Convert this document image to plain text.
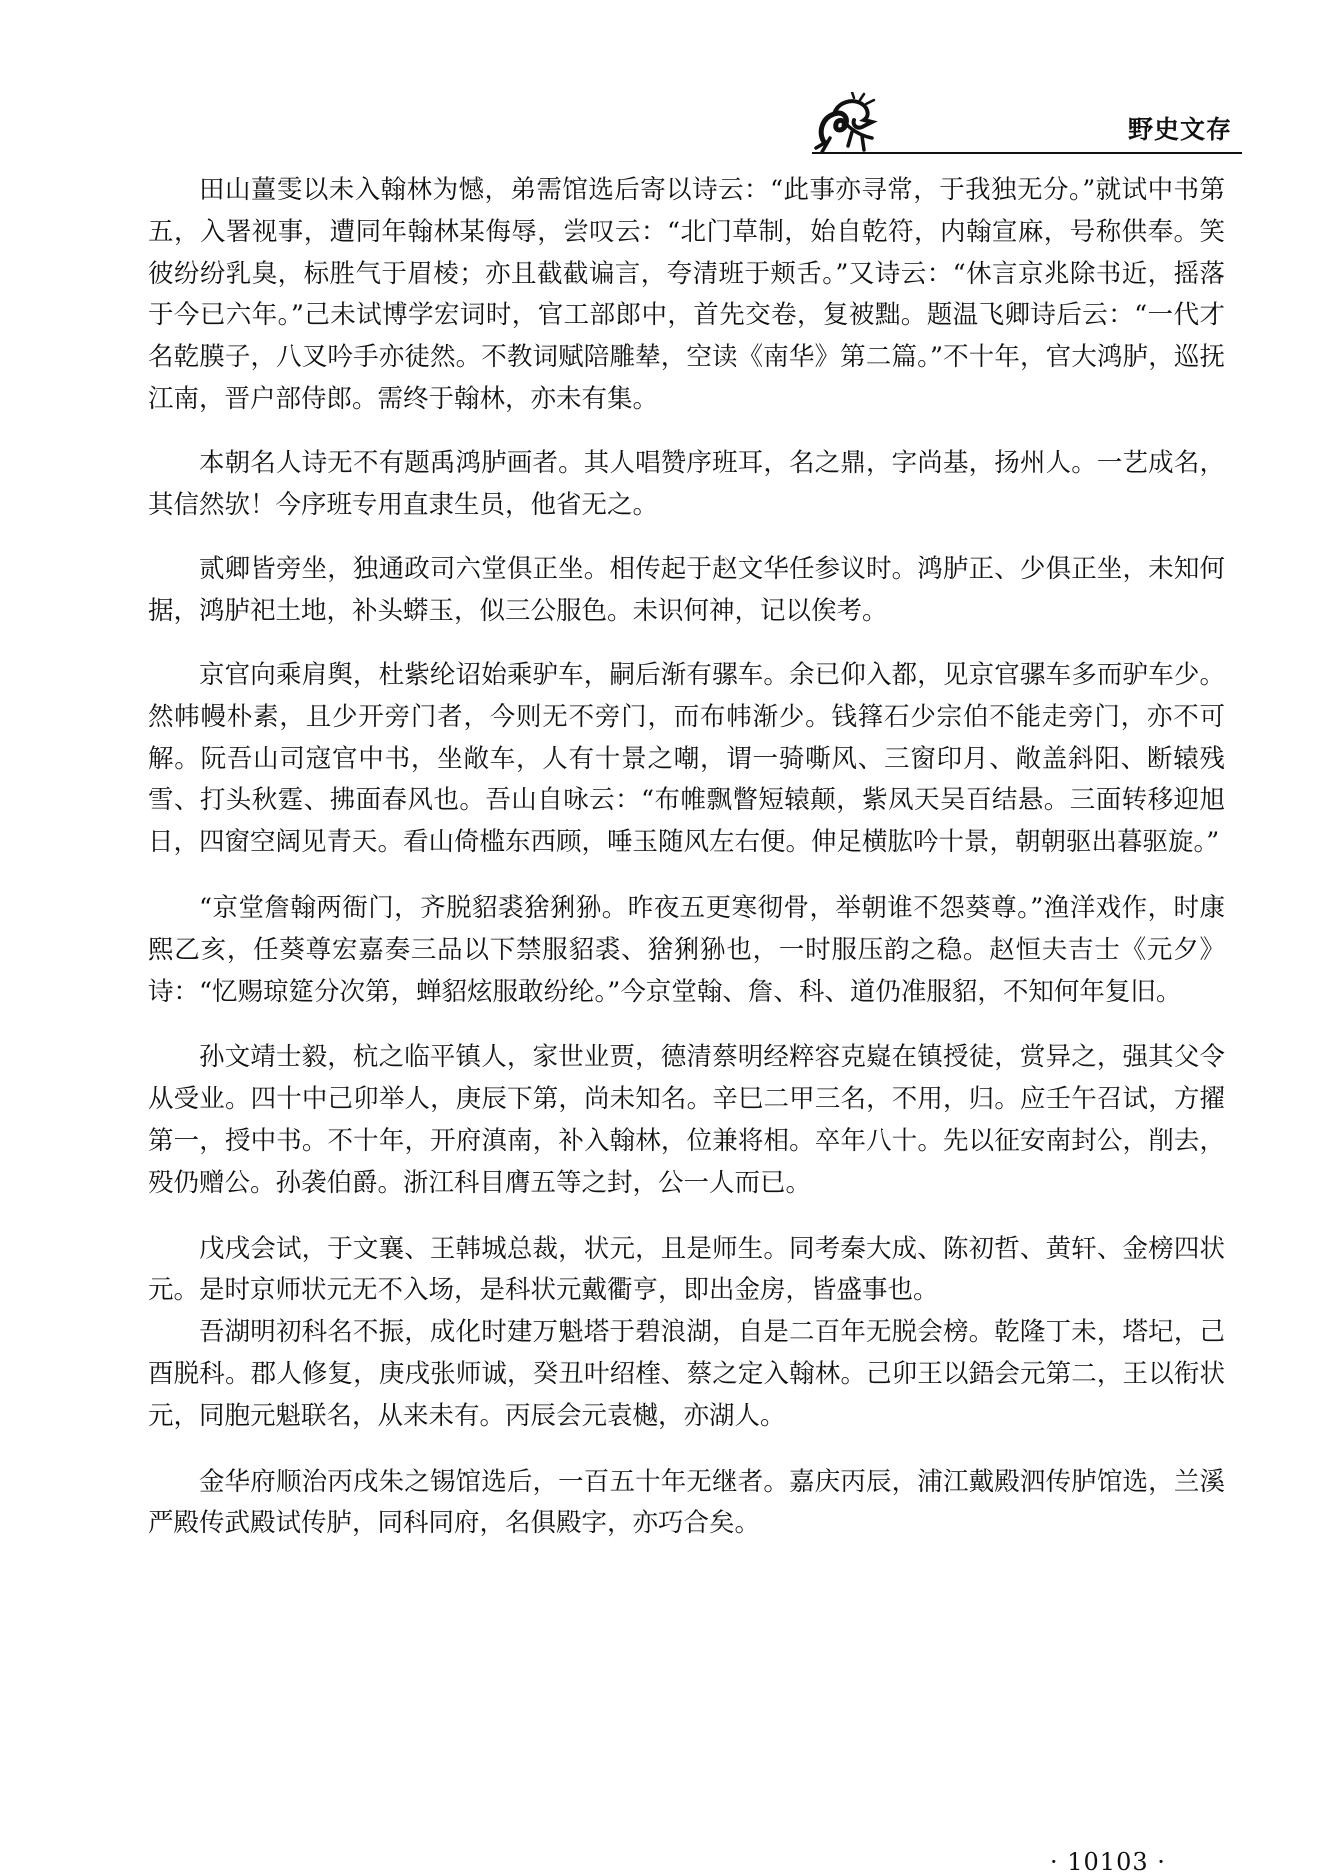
野史文存

田山薑雯以未入翰林为憾，弟需馆选后寄以诗云：“此事亦寻常，于我独无分。”就试中书第五，入署视事，遭同年翰林某侮辱，尝叹云：“北门草制，始自乾符，内翰宣麻，号称供奉。笑彼纷纷乳臭，标胜气于眉棱；亦且截截谝言，夸清班于颊舌。”又诗云：“休言京兆除书近，摇落于今已六年。”己未试博学宏词时，官工部郎中，首先交卷，复被黜。题温飞卿诗后云：“一代才名乾膜子，八叉吟手亦徒然。不教词赋陪雕辇，空读《南华》第二篇。”不十年，官大鸿胪，巡抚江南，晋户部侍郎。需终于翰林，亦未有集。

本朝名人诗无不有题禹鸿胪画者。其人唱赞序班耳，名之鼎，字尚基，扬州人。一艺成名，其信然欤！今序班专用直隶生员，他省无之。

贰卿皆旁坐，独通政司六堂俱正坐。相传起于赵文华任参议时。鸿胪正、少俱正坐，未知何据，鸿胪祀土地，补头蟒玉，似三公服色。未识何神，记以俟考。

京官向乘肩舆，杜紫纶诏始乘驴车，嗣后渐有骡车。余已仰入都，见京官骡车多而驴车少。然帏幔朴素，且少开旁门者，今则无不旁门，而布帏渐少。钱箨石少宗伯不能走旁门，亦不可解。阮吾山司寇官中书，坐敞车，人有十景之嘲，谓一骑嘶风、三窗印月、敞盖斜阳、断辕残雪、打头秋霆、拂面春风也。吾山自咏云：“布帷飘瞥短辕颠，紫凤天吴百结悬。三面转移迎旭日，四窗空阔见青天。看山倚槛东西顾，唾玉随风左右便。伸足横肱吟十景，朝朝驱出暮驱旋。”

“京堂詹翰两衙门，齐脱貂裘猞猁狲。昨夜五更寒彻骨，举朝谁不怨葵尊。”渔洋戏作，时康熙乙亥，任葵尊宏嘉奏三品以下禁服貂裘、猞猁狲也，一时服压韵之稳。赵恒夫吉士《元夕》诗：“忆赐琼筵分次第，蝉貂炫服敢纷纶。”今京堂翰、詹、科、道仍准服貂，不知何年复旧。

孙文靖士毅，杭之临平镇人，家世业贾，德清蔡明经粹容克嶷在镇授徒，赏异之，强其父令从受业。四十中己卯举人，庚辰下第，尚未知名。辛巳二甲三名，不用，归。应壬午召试，方擢第一，授中书。不十年，开府滇南，补入翰林，位兼将相。卒年八十。先以征安南封公，削去，殁仍赠公。孙袭伯爵。浙江科目膺五等之封，公一人而已。

戊戌会试，于文襄、王韩城总裁，状元，且是师生。同考秦大成、陈初哲、黄轩、金榜四状元。是时京师状元无不入场，是科状元戴衢亨，即出金房，皆盛事也。

吾湖明初科名不振，成化时建万魁塔于碧浪湖，自是二百年无脱会榜。乾隆丁未，塔圮，己酉脱科。郡人修复，庚戌张师诚，癸丑叶绍楏、蔡之定入翰林。己卯王以鋙会元第二，王以衔状元，同胞元魁联名，从来未有。丙辰会元袁樾，亦湖人。

金华府顺治丙戌朱之锡馆选后，一百五十年无继者。嘉庆丙辰，浦江戴殿泗传胪馆选，兰溪严殿传武殿试传胪，同科同府，名俱殿字，亦巧合矣。

· 10103 ·
